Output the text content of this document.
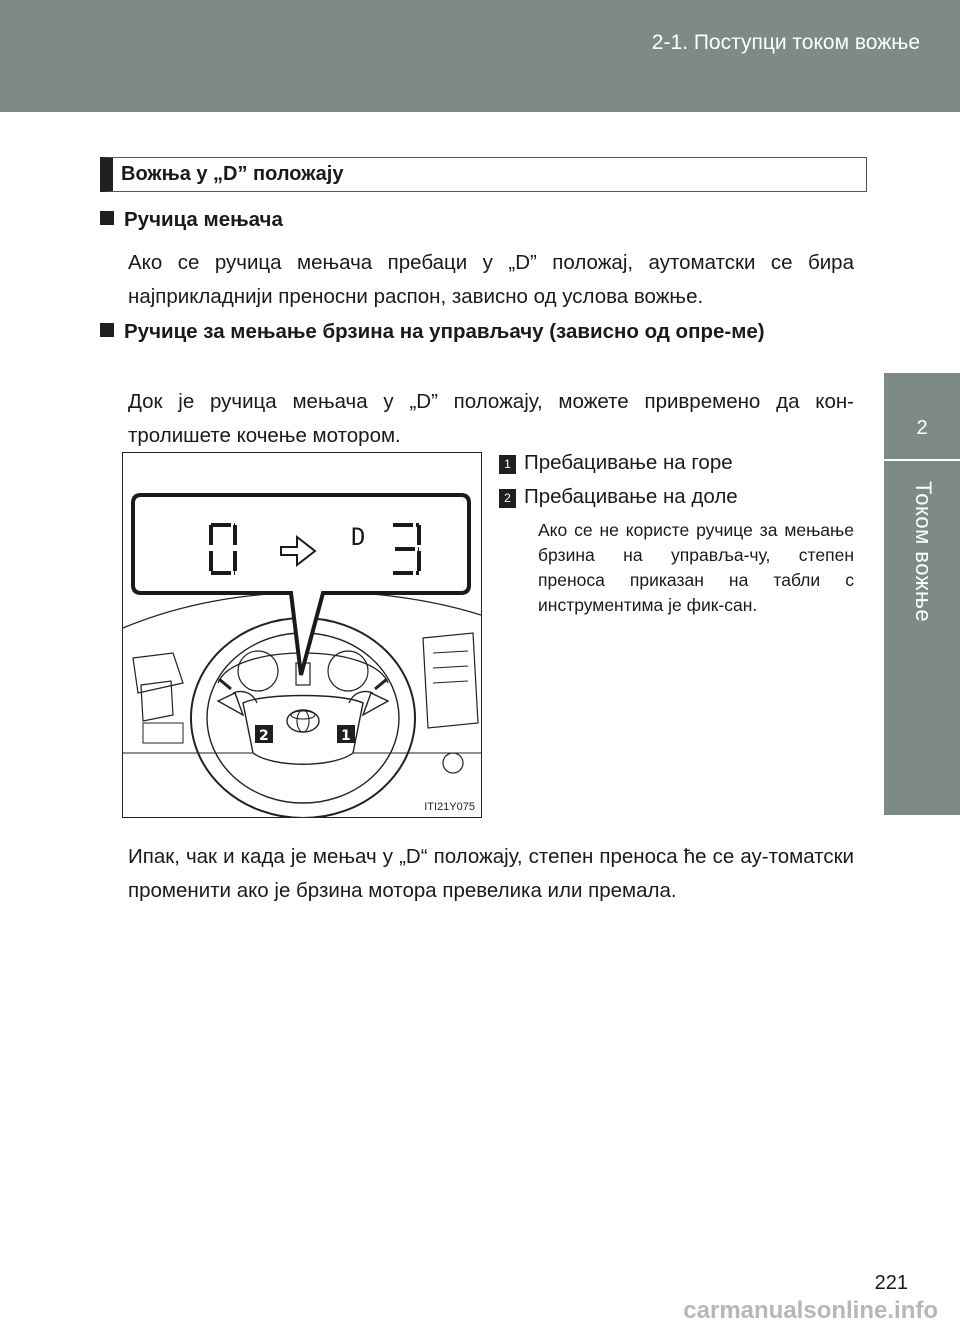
2-1. Поступци током вожње
2
Током вожње
Вожња у „D” положају
Ручица мењача
Ако се ручица мењача пребаци у „D” положај, аутоматски се бира најприкладнији преносни распон, зависно од услова вожње.
Ручице за мењање брзина на управљачу (зависно од опре-ме)
Док је ручица мењача у „D” положају, можете привремено да кон-тролишете кочење мотором.
D
2	1
ITI21Y075
1 Пребацивање на горе
2 Пребацивање на доле
Ако се не користе ручице за мењање брзина на управља-чу, степен преноса приказан на табли с инструментима је фик-сан.
Ипак, чак и када је мењач у „D“ положају, степен преноса ће се ау-томатски променити ако је брзина мотора превелика или премала.
221
carmanualsonline.info
